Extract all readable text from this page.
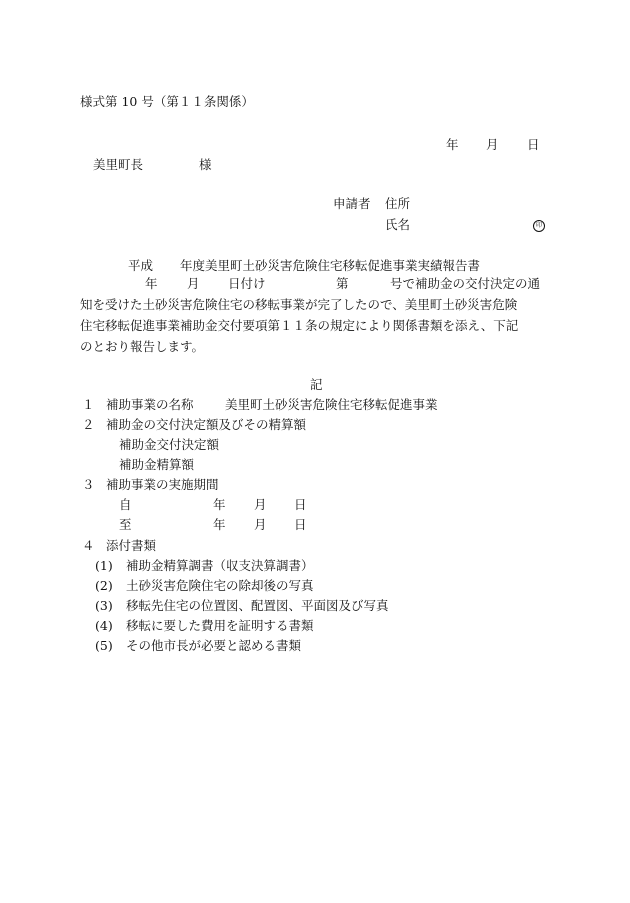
様式第 10 号（第１１条関係）
年 月 日
美里町長	様
申請者 住所
氏名	印
平成 年度美里町土砂災害危険住宅移転促進事業実績報告書
年 月 日付け	第	号で補助金の交付決定の通
知を受けた土砂災害危険住宅の移転事業が完了したので、美里町土砂災害危険
住宅移転促進事業補助金交付要項第１１条の規定により関係書類を添え、下記
のとおり報告します。
記
１ 補助事業の名称	美里町土砂災害危険住宅移転促進事業
２ 補助金の交付決定額及びその精算額
補助金交付決定額
補助金精算額
３ 補助事業の実施期間
自	年 月 日
至	年 月 日
４ 添付書類
(1) 補助金精算調書（収支決算調書）
(2) 土砂災害危険住宅の除却後の写真
(3) 移転先住宅の位置図、配置図、平面図及び写真
(4) 移転に要した費用を証明する書類
(5) その他市長が必要と認める書類
